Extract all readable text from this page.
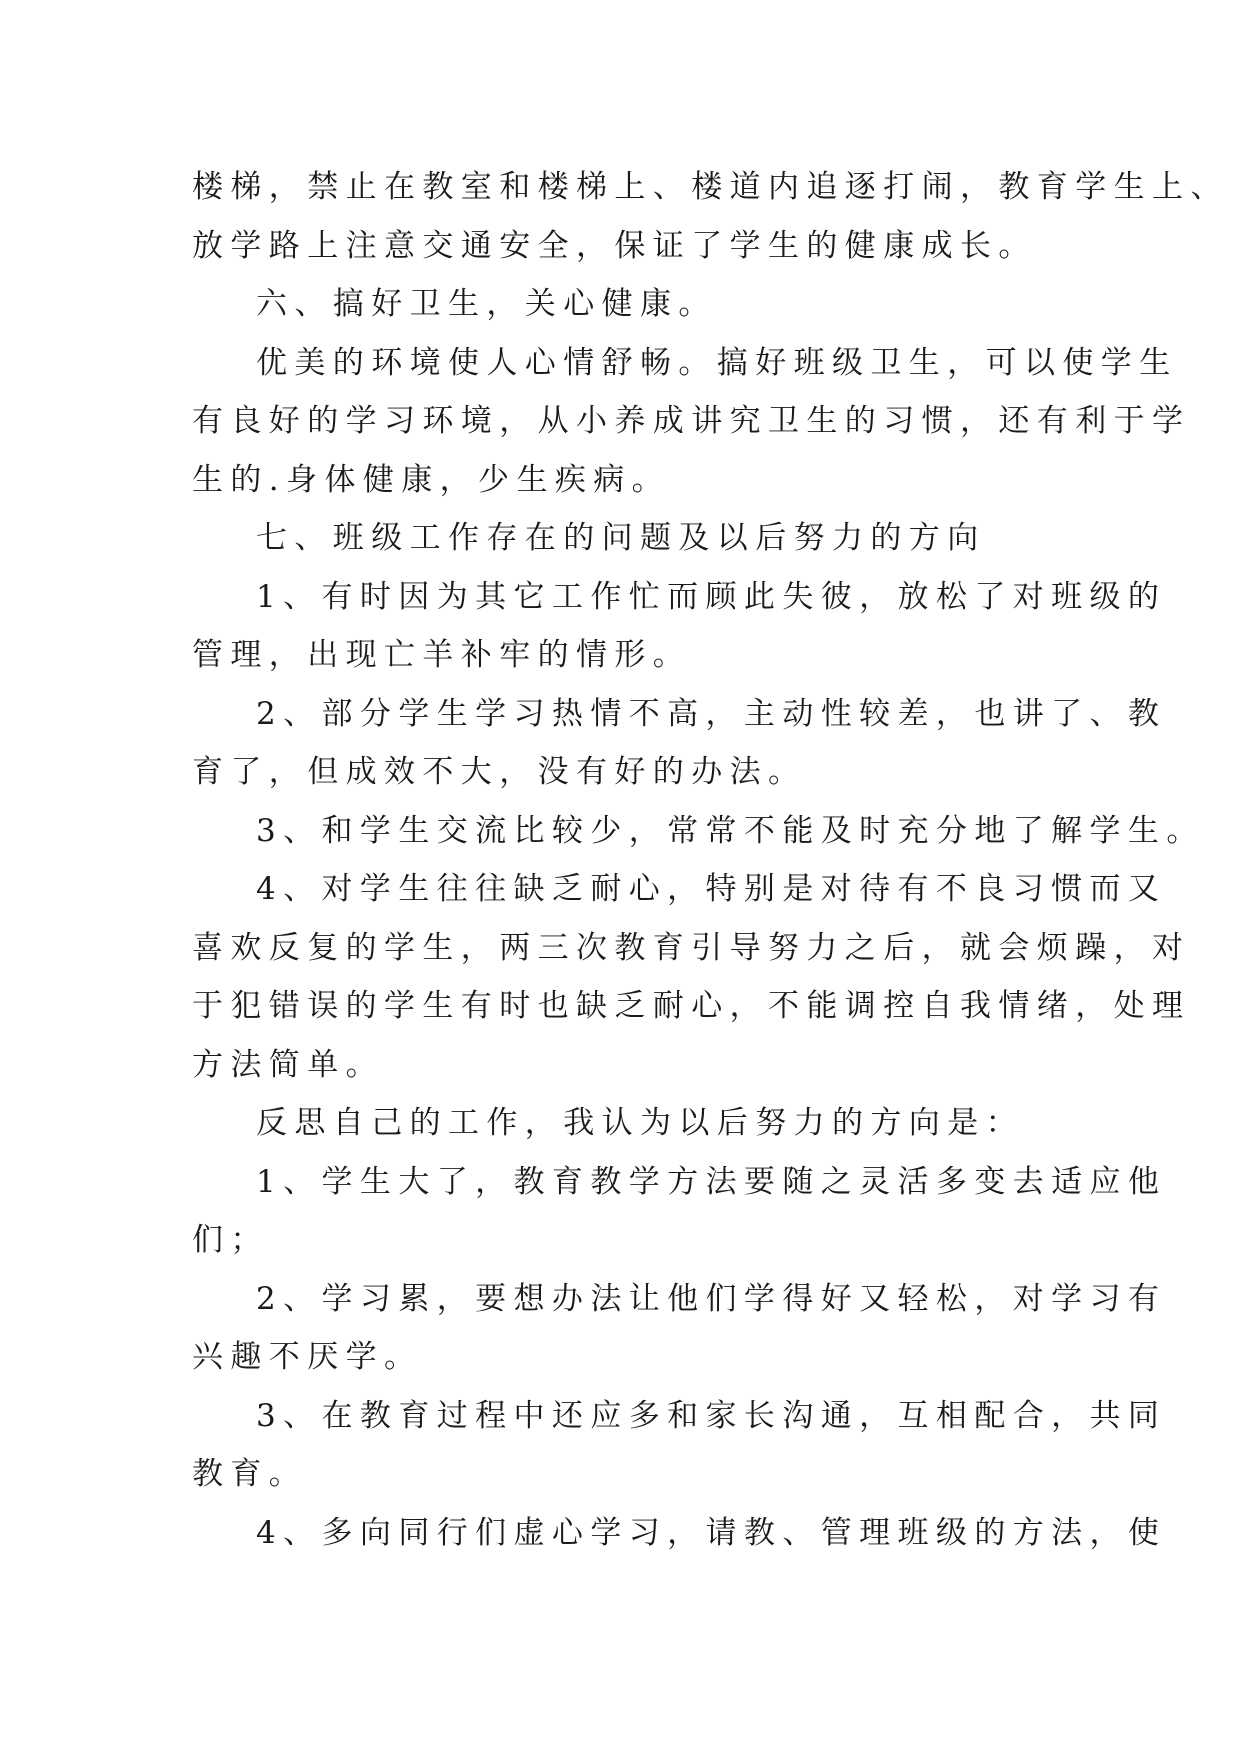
楼梯，禁止在教室和楼梯上、楼道内追逐打闹，教育学生上、
放学路上注意交通安全，保证了学生的健康成长。
六、搞好卫生，关心健康。
优美的环境使人心情舒畅。搞好班级卫生，可以使学生
有良好的学习环境，从小养成讲究卫生的习惯，还有利于学
生的.身体健康，少生疾病。
七、班级工作存在的问题及以后努力的方向
1、有时因为其它工作忙而顾此失彼，放松了对班级的
管理，出现亡羊补牢的情形。
2、部分学生学习热情不高，主动性较差，也讲了、教
育了，但成效不大，没有好的办法。
3、和学生交流比较少，常常不能及时充分地了解学生。
4、对学生往往缺乏耐心，特别是对待有不良习惯而又
喜欢反复的学生，两三次教育引导努力之后，就会烦躁，对
于犯错误的学生有时也缺乏耐心，不能调控自我情绪，处理
方法简单。
反思自己的工作，我认为以后努力的方向是：
1、学生大了，教育教学方法要随之灵活多变去适应他
们；
2、学习累，要想办法让他们学得好又轻松，对学习有
兴趣不厌学。
3、在教育过程中还应多和家长沟通，互相配合，共同
教育。
4、多向同行们虚心学习，请教、管理班级的方法，使
